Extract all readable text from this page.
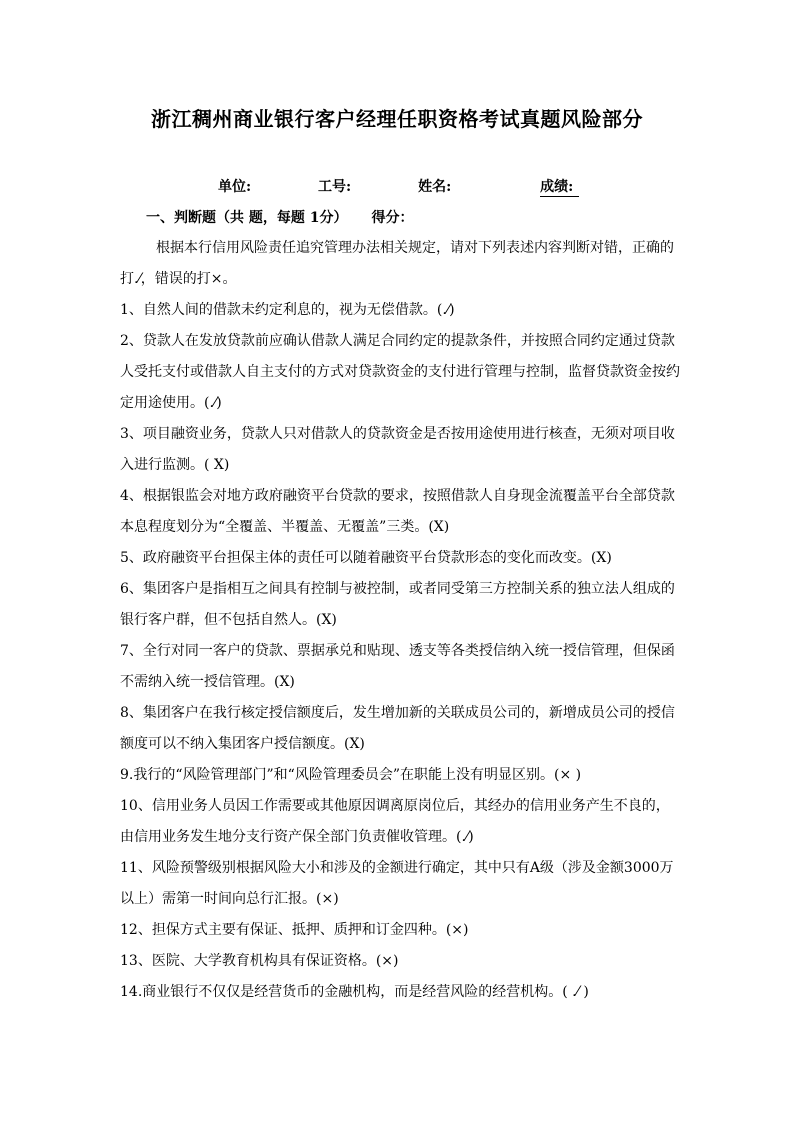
浙江稠州商业银行客户经理任职资格考试真题风险部分
单位:	工号:	姓名:	成绩:
一、判断题（共 题，每题 1分） 得分：
根据本行信用风险责任追究管理办法相关规定，请对下列表述内容判断对错，正确的打.⁄，错误的打×。
1、自然人间的借款未约定利息的，视为无偿借款。(.⁄)
2、贷款人在发放贷款前应确认借款人满足合同约定的提款条件，并按照合同约定通过贷款人受托支付或借款人自主支付的方式对贷款资金的支付进行管理与控制，监督贷款资金按约定用途使用。(.⁄)
3、项目融资业务，贷款人只对借款人的贷款资金是否按用途使用进行核查，无须对项目收入进行监测。( X)
4、根据银监会对地方政府融资平台贷款的要求，按照借款人自身现金流覆盖平台全部贷款本息程度划分为“全覆盖、半覆盖、无覆盖”三类。(X)
5、政府融资平台担保主体的责任可以随着融资平台贷款形态的变化而改变。(X)
6、集团客户是指相互之间具有控制与被控制，或者同受第三方控制关系的独立法人组成的银行客户群，但不包括自然人。(X)
7、全行对同一客户的贷款、票据承兑和贴现、透支等各类授信纳入统一授信管理，但保函不需纳入统一授信管理。(X)
8、集团客户在我行核定授信额度后，发生增加新的关联成员公司的，新增成员公司的授信额度可以不纳入集团客户授信额度。(X)
9.我行的“风险管理部门”和“风险管理委员会”在职能上没有明显区别。(× )
10、信用业务人员因工作需要或其他原因调离原岗位后，其经办的信用业务产生不良的，由信用业务发生地分支行资产保全部门负责催收管理。(.⁄)
11、风险预警级别根据风险大小和涉及的金额进行确定，其中只有A级（涉及金额3000万以上）需第一时间向总行汇报。(×)
12、担保方式主要有保证、抵押、质押和订金四种。(×)
13、医院、大学教育机构具有保证资格。(×)
14.商业银行不仅仅是经营货币的金融机构，而是经营风险的经营机构。( .⁄ )
